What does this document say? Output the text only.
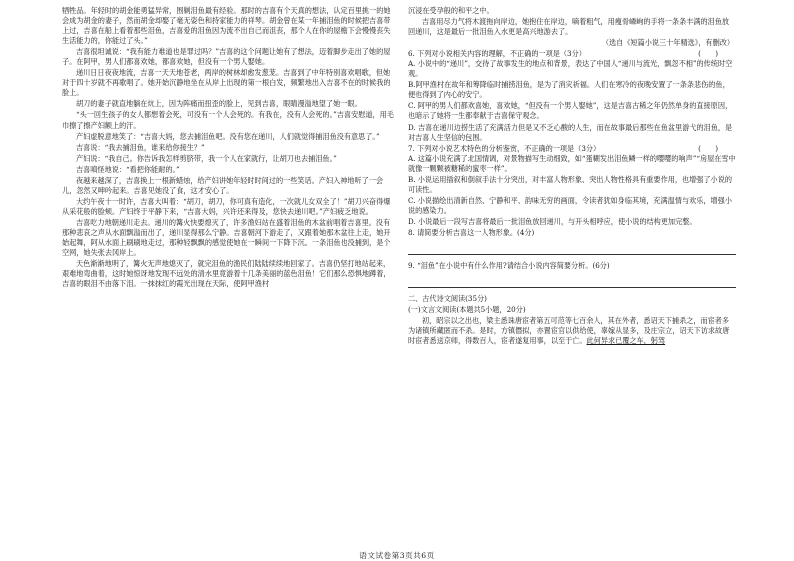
牺牲品。年轻时的胡金能勇猛异常，围剿泪鱼最有经验。那时的吉喜有个天真的想法，认定百里挑一的她会成为胡金的妻子，然而胡金却娶了毫无姿色和持家能力的祥琴。胡金曾在某一年捕泪鱼的时候把吉喜带上过，吉喜在船上看着那些泪鱼，吉喜爱的泪鱼因为流不出自己而沮丧，那个人在你的屋檐下会慢慢丧失生活能力的，你能过了头。”

吉喜很坦诚说：“我有能力难道也是罪过吗？”吉喜的这个问题让她有了想法，迈着脚步走出了她的屋子。在阿甲，男人们都喜欢她，都喜欢她，但没有一个男人娶她。

递川日日夜夜地流，吉喜一天天地苍老，两岸的树林却愈发葱茏。吉喜到了中年特别喜欢唱歌，但她对于四十岁就不再歌唱了。她开始沉静地坐在从岸上出现的第一根白发，频繁地出入吉喜不在的时候我的脸上。

胡刀的妻子就直地躺在炕上，因为阵痛而扭歪的脸上，见到吉喜，眼睛漫溢地望了她一眼。

“头一回生孩子的女人都想着会死，可没有一个人会死的。有我在，没有人会死的。”吉喜安慰道，用毛巾擦了擦产妇额上的汗。

产妇虚脱意地笑了：“吉喜大妈，您去捕泪鱼吧。没有您在递川，人们就觉得捕泪鱼没有意思了。”

吉喜说：“我去捕泪鱼，谁来给你接生？”

产妇说：“我自己。你告诉我怎样剪脐带，我一个人在家就行，让胡刀也去捕泪鱼。”

吉喜嗔怪地说：“看把你能耐的。”

夜越来越深了，吉喜换上一根新蜡烛，给产妇讲她年轻时时间过的一些笑话。产妇入神地听了一会儿，忽然又呻吟起来。吉喜见她没了食，这才安心了。

大约午夜十一时许，吉喜大叫着：“胡刀，胡刀，你可真有造化，一次就儿女双全了！”胡刀兴奋得爆从采花般的脸颊。产妇终于平静下来，“吉喜大妈，兴许还来得及，您快去递川吧。”产妇疲乏地说。

吉喜吃力地朝递川走去。递川的篝火快要熄灭了，许多渔妇站在盛着泪鱼的木盆前唱着吉喜里。没有那种悲哀之声从水面飘溢而出了，递川显得那么宁静。吉喜朝河下游走了，又跟着她那木盆往上走，她开始起舞，阿从水面上刷刷地走过，那种轻飘飘的感觉使她在一瞬间一下降下沉。一条泪鱼也没捕到，是个空网，她失张去冈岸上。

天色渐渐地明了，篝火无声地熄灭了，就完泪鱼的渔民们陆陆续续地回家了。吉喜仍坚打地站起来，艰难地弯曲着，这时她惊讶地发现不远处的清水里竟游着十几条美丽的蓝色泪鱼！它们那么恐惧地蹲着，吉喜的眼泪不由落下泪。一抹抹红的霞光出现在天际，使阿甲渔村

沉浸在受孕般的和平之中。

吉喜用尽力气将木渡拖向岸边，她抱住在岸边，嘀着粗气，用瘦骨嶙峋的手将一条条丰满的泪鱼放回递川，这是最后一批泪鱼入水更是高兴地游去了。

（选自《短篇小说三十年精选》，有删改）

6. 下列对小说相关内容的理解，不正确的一项是（3分）	(　　)

A. 小说中的“递川”，交待了故事发生的地点和背景，表达了中国人“递川与流光，飘忽不相”的传统时空观。

B.阿甲渔村在故年和筹降临时捕捞泪鱼，是为了消灾祈福。人们在寒冷的夜晚安置了一条条悲伤的鱼，便也得到了内心的安宁。

C. 阿甲的男人们都欢喜她，喜欢她，“但没有一个男人娶她”，这是吉喜古稀之年仍然单身的直接原因，也暗示了她将一生都奉献于吉喜保守观念。

D. 吉喜在递川边捞生活了充满活力但是又不乏心酸的人生，而在故事最后那些在鱼盆里游弋的泪鱼，是对吉喜人生坚信的包围。

7. 下列对小说艺术特色的分析鉴赏，不正确的一项是（3分）	(　　)

A. 这篇小说充满了北国情调，对景物描写生动细致，如“蛋糊发出泪鱼鳞一样的嘤嘤的响声”“房屋在雪中就像一颗颗被糖稀的蜜枣一样”。

B. 小说运用插叙和倒叙手法十分突出，对丰富人物形象、突出人物性格具有重要作用，也增强了小说的可读性。

C. 小说描绘出清新自然、宁静和平、韵味无穷的画面，令读者犹如身临其境，充满温情与欢乐，增强小说的感染力。

D. 小说最后一段写吉喜将最后一批泪鱼放回递川，与开头相呼应，使小说的结构更加完整。

8. 请简要分析吉喜这一人物形象。(4分)

9. “泪鱼”在小说中有什么作用?请结合小说内容简要分析。(6分)

二、古代诗文阅读(35分)

(一)文言文阅读(本题共5小题，20分)

初，昭宗以之出也，梁主悉诛唐宦者第五可范等七百余人，其在外者，悉诏天下捕杀之，而宦者多为诸镇所藏匿而不杀。是时，方镇僭拟，亦置宦官以供给使，辜嫁从显多，及庄宗立，诏天下访求故唐时宦者悉送京师，得数百人，宦者遂复用事，以至于亡。此何异求已覆之车，躬驾

语文试卷第3页共6页
